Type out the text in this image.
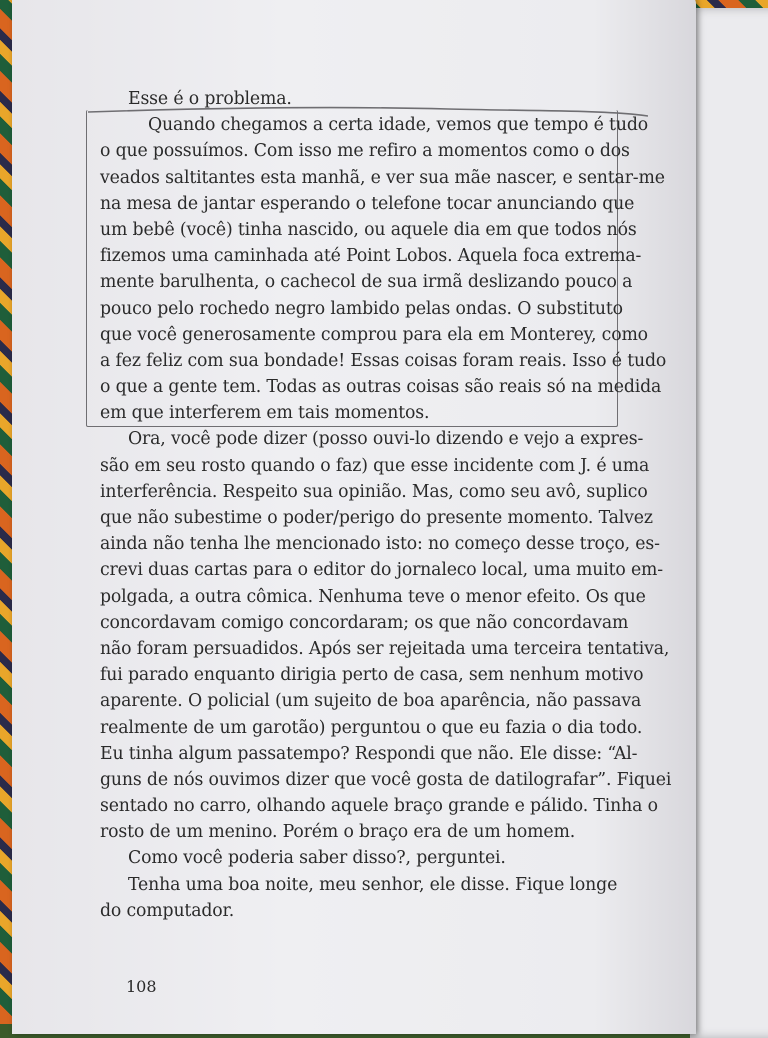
Esse é o problema.
Quando chegamos a certa idade, vemos que tempo é tudo
o que possuímos. Com isso me refiro a momentos como o dos
veados saltitantes esta manhã, e ver sua mãe nascer, e sentar-me
na mesa de jantar esperando o telefone tocar anunciando que
um bebê (você) tinha nascido, ou aquele dia em que todos nós
fizemos uma caminhada até Point Lobos. Aquela foca extrema-
mente barulhenta, o cachecol de sua irmã deslizando pouco a
pouco pelo rochedo negro lambido pelas ondas. O substituto
que você generosamente comprou para ela em Monterey, como
a fez feliz com sua bondade! Essas coisas foram reais. Isso é tudo
o que a gente tem. Todas as outras coisas são reais só na medida
em que interferem em tais momentos.
Ora, você pode dizer (posso ouvi-lo dizendo e vejo a expres-
são em seu rosto quando o faz) que esse incidente com J. é uma
interferência. Respeito sua opinião. Mas, como seu avô, suplico
que não subestime o poder/perigo do presente momento. Talvez
ainda não tenha lhe mencionado isto: no começo desse troço, es-
crevi duas cartas para o editor do jornaleco local, uma muito em-
polgada, a outra cômica. Nenhuma teve o menor efeito. Os que
concordavam comigo concordaram; os que não concordavam
não foram persuadidos. Após ser rejeitada uma terceira tentativa,
fui parado enquanto dirigia perto de casa, sem nenhum motivo
aparente. O policial (um sujeito de boa aparência, não passava
realmente de um garotão) perguntou o que eu fazia o dia todo.
Eu tinha algum passatempo? Respondi que não. Ele disse: “Al-
guns de nós ouvimos dizer que você gosta de datilografar”. Fiquei
sentado no carro, olhando aquele braço grande e pálido. Tinha o
rosto de um menino. Porém o braço era de um homem.
Como você poderia saber disso?, perguntei.
Tenha uma boa noite, meu senhor, ele disse. Fique longe
do computador.
108
